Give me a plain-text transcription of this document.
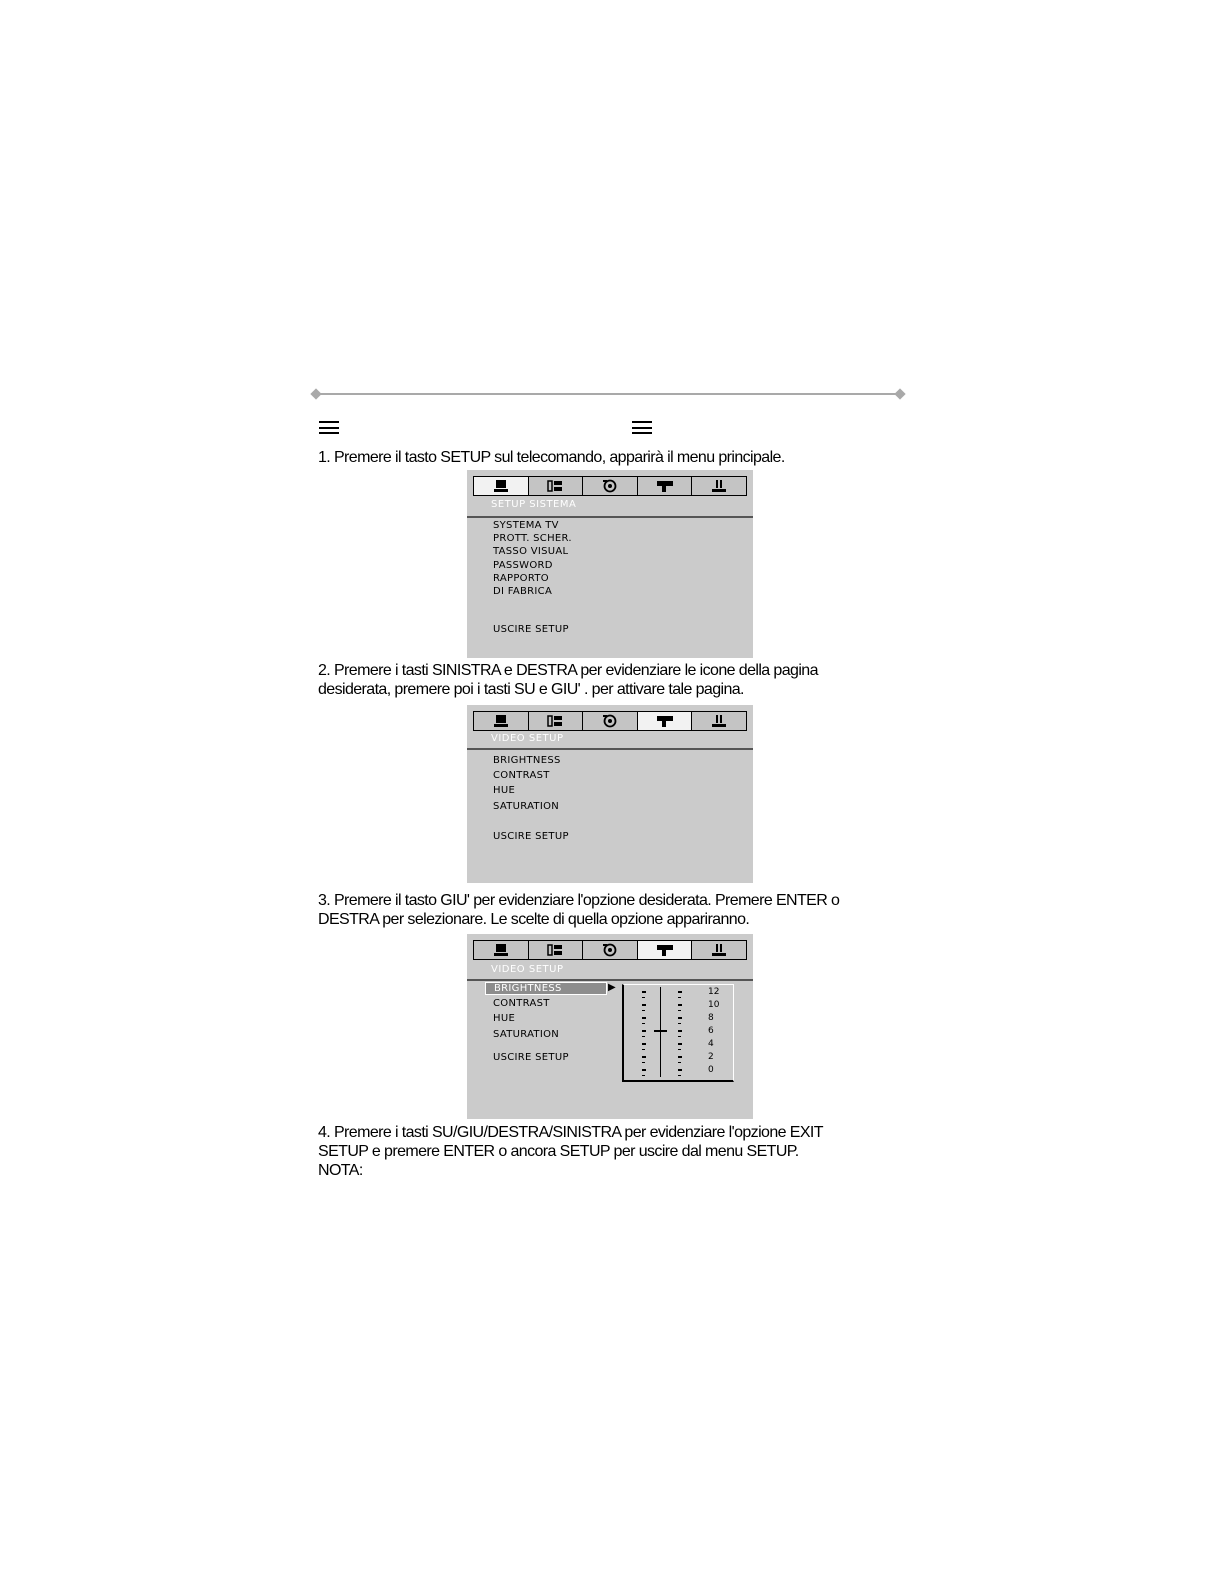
1. Premere il tasto SETUP sul telecomando, apparirà il menu principale.
SETUP SISTEMA
SYSTEMA TV
PROTT. SCHER.
TASSO VISUAL
PASSWORD
RAPPORTO
DI FABRICA
USCIRE SETUP
2. Premere i tasti SINISTRA e DESTRA per evidenziare le icone della pagina
desiderata, premere poi i tasti SU e GIU' . per attivare tale pagina.
VIDEO SETUP
BRIGHTNESS
CONTRAST
HUE
SATURATION
USCIRE SETUP
3. Premere il tasto GIU' per evidenziare l'opzione desiderata. Premere ENTER o
DESTRA per selezionare. Le scelte di quella opzione appariranno.
VIDEO SETUP
BRIGHTNESS	▶
CONTRAST
HUE
SATURATION
USCIRE SETUP
12
10
8
6
4
2
0
4. Premere i tasti SU/GIU/DESTRA/SINISTRA per evidenziare l'opzione EXIT
SETUP e premere ENTER o ancora SETUP per uscire dal menu SETUP.
NOTA:
